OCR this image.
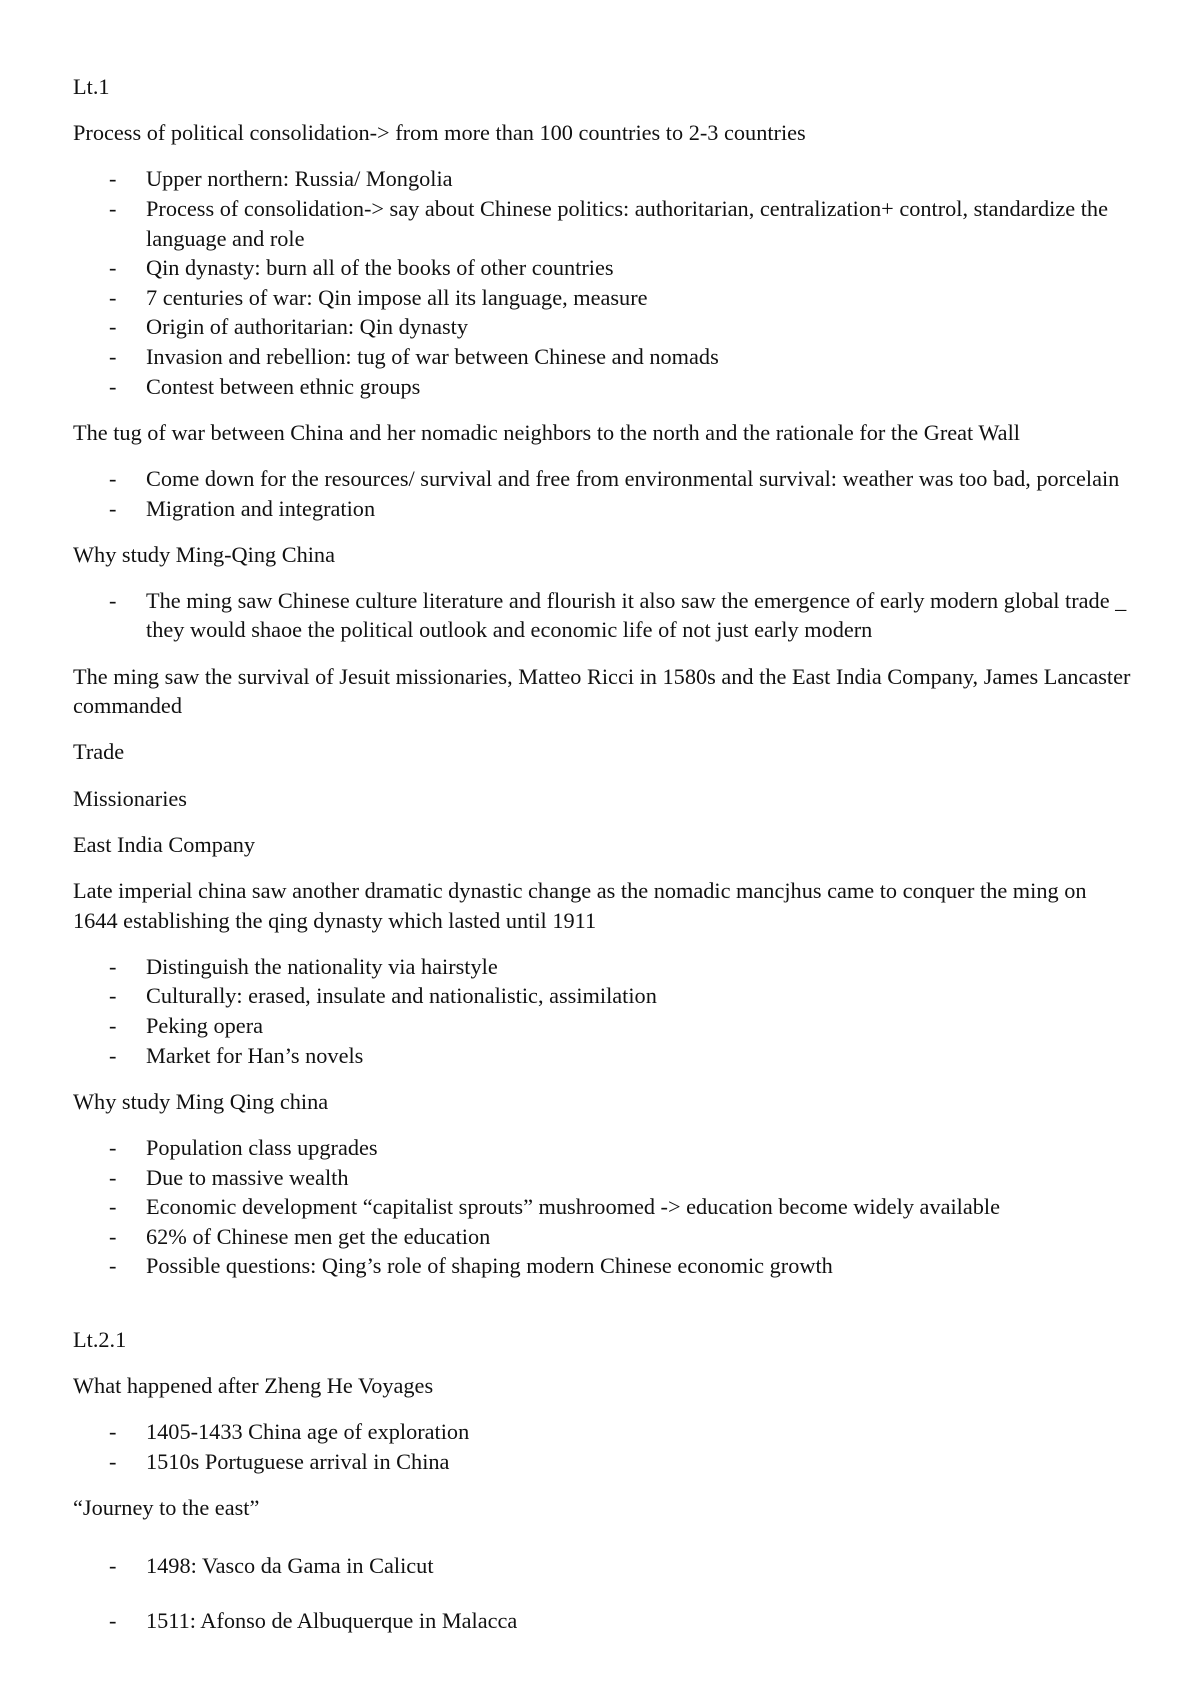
Lt.1

Process of political consolidation-> from more than 100 countries to 2-3 countries

- Upper northern: Russia/ Mongolia
- Process of consolidation-> say about Chinese politics: authoritarian, centralization+ control, standardize the
language and role
- Qin dynasty: burn all of the books of other countries
- 7 centuries of war: Qin impose all its language, measure
- Origin of authoritarian: Qin dynasty
- Invasion and rebellion: tug of war between Chinese and nomads
- Contest between ethnic groups

The tug of war between China and her nomadic neighbors to the north and the rationale for the Great Wall

- Come down for the resources/ survival and free from environmental survival: weather was too bad, porcelain
- Migration and integration

Why study Ming-Qing China

- The ming saw Chinese culture literature and flourish it also saw the emergence of early modern global trade _
they would shaoe the political outlook and economic life of not just early modern

The ming saw the survival of Jesuit missionaries, Matteo Ricci in 1580s and the East India Company, James Lancaster
commanded

Trade

Missionaries

East India Company

Late imperial china saw another dramatic dynastic change as the nomadic mancjhus came to conquer the ming on
1644 establishing the qing dynasty which lasted until 1911

- Distinguish the nationality via hairstyle
- Culturally: erased, insulate and nationalistic, assimilation
- Peking opera
- Market for Han’s novels

Why study Ming Qing china

- Population class upgrades
- Due to massive wealth
- Economic development “capitalist sprouts” mushroomed -> education become widely available
- 62% of Chinese men get the education
- Possible questions: Qing’s role of shaping modern Chinese economic growth

Lt.2.1

What happened after Zheng He Voyages

- 1405-1433 China age of exploration
- 1510s Portuguese arrival in China

“Journey to the east”

- 1498: Vasco da Gama in Calicut
- 1511: Afonso de Albuquerque in Malacca
